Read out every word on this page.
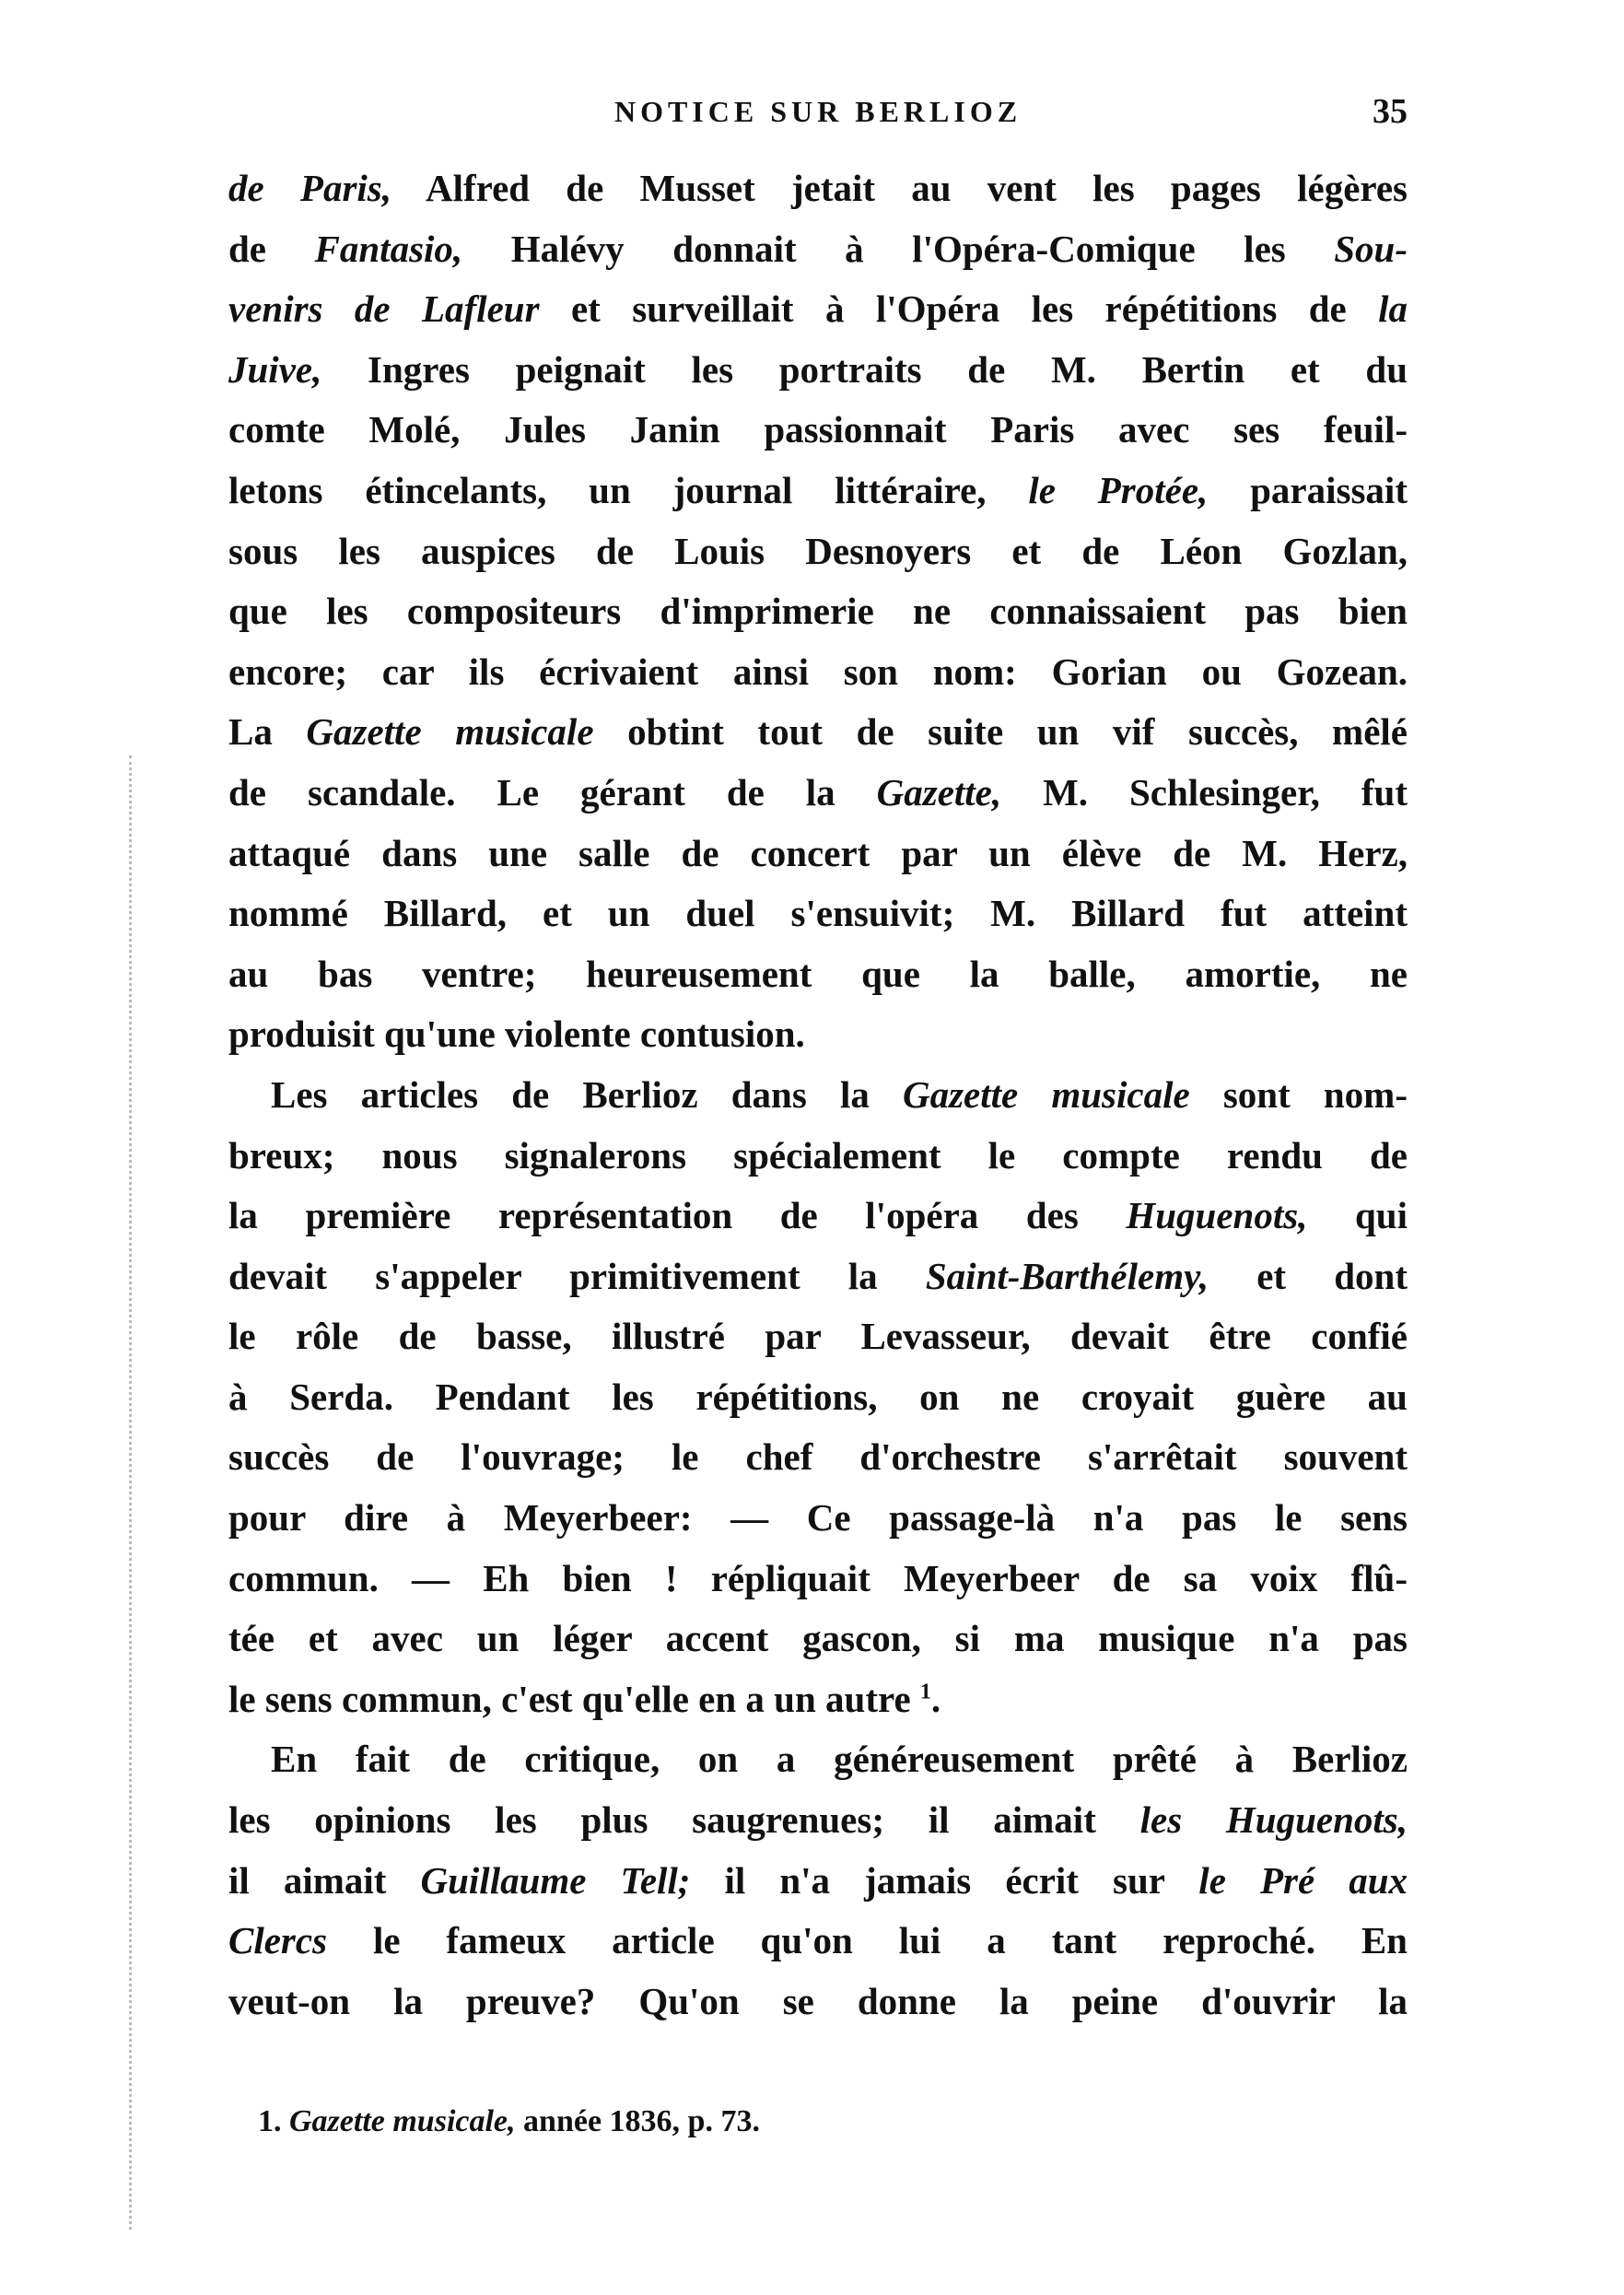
NOTICE SUR BERLIOZ	35
de Paris, Alfred de Musset jetait au vent les pages légères
de Fantasio, Halévy donnait à l'Opéra-Comique les Sou-
venirs de Lafleur et surveillait à l'Opéra les répétitions de la
Juive, Ingres peignait les portraits de M. Bertin et du
comte Molé, Jules Janin passionnait Paris avec ses feuil-
letons étincelants, un journal littéraire, le Protée, paraissait
sous les auspices de Louis Desnoyers et de Léon Gozlan,
que les compositeurs d'imprimerie ne connaissaient pas bien
encore; car ils écrivaient ainsi son nom: Gorian ou Gozean.
La Gazette musicale obtint tout de suite un vif succès, mêlé
de scandale. Le gérant de la Gazette, M. Schlesinger, fut
attaqué dans une salle de concert par un élève de M. Herz,
nommé Billard, et un duel s'ensuivit; M. Billard fut atteint
au bas ventre; heureusement que la balle, amortie, ne
produisit qu'une violente contusion.
Les articles de Berlioz dans la Gazette musicale sont nom-
breux; nous signalerons spécialement le compte rendu de
la première représentation de l'opéra des Huguenots, qui
devait s'appeler primitivement la Saint-Barthélemy, et dont
le rôle de basse, illustré par Levasseur, devait être confié
à Serda. Pendant les répétitions, on ne croyait guère au
succès de l'ouvrage; le chef d'orchestre s'arrêtait souvent
pour dire à Meyerbeer: — Ce passage-là n'a pas le sens
commun. — Eh bien ! répliquait Meyerbeer de sa voix flû-
tée et avec un léger accent gascon, si ma musique n'a pas
le sens commun, c'est qu'elle en a un autre $^1$.
En fait de critique, on a généreusement prêté à Berlioz
les opinions les plus saugrenues; il aimait les Huguenots,
il aimait Guillaume Tell; il n'a jamais écrit sur le Pré aux
Clercs le fameux article qu'on lui a tant reproché. En
veut-on la preuve? Qu'on se donne la peine d'ouvrir la
1. Gazette musicale, année 1836, p. 73.
